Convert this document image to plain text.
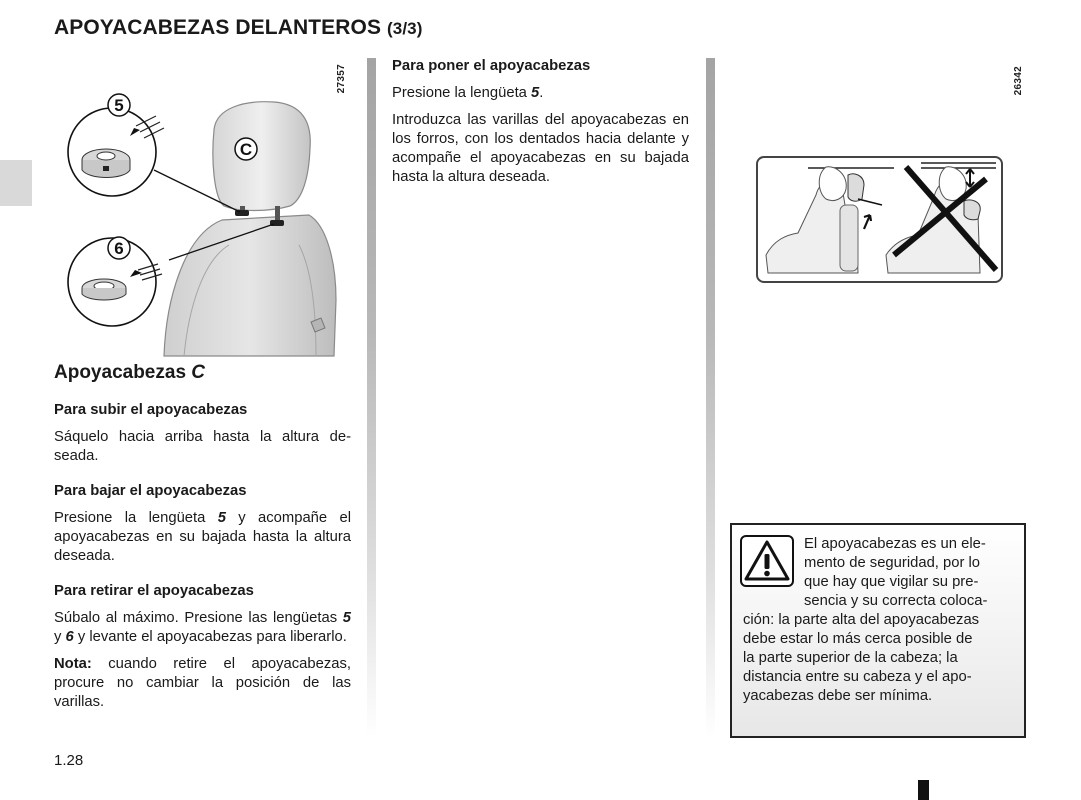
APOYACABEZAS DELANTEROS (3/3)
5
6
C
27357	26342
Apoyacabezas C
Para subir el apoyacabezas

Sáquelo hacia arriba hasta la altura deseada.

Para bajar el apoyacabezas

Presione la lengüeta 5 y acompañe el apoyacabezas en su bajada hasta la altura deseada.

Para retirar el apoyacabezas

Súbalo al máximo. Presione las lengüetas 5 y 6 y levante el apoyacabezas para liberarlo.

Nota: cuando retire el apoyacabezas, procure no cambiar la posición de las varillas.

Para poner el apoyacabezas

Presione la lengüeta 5.

Introduzca las varillas del apoyacabezas en los forros, con los dentados hacia delante y acompañe el apoyacabezas en su bajada hasta la altura deseada.

El apoyacabezas es un ele-
mento de seguridad, por lo
que hay que vigilar su pre-
sencia y su correcta coloca-
ción: la parte alta del apoyacabezas
debe estar lo más cerca posible de
la parte superior de la cabeza; la
distancia entre su cabeza y el apo-
yacabezas debe ser mínima.
1.28
